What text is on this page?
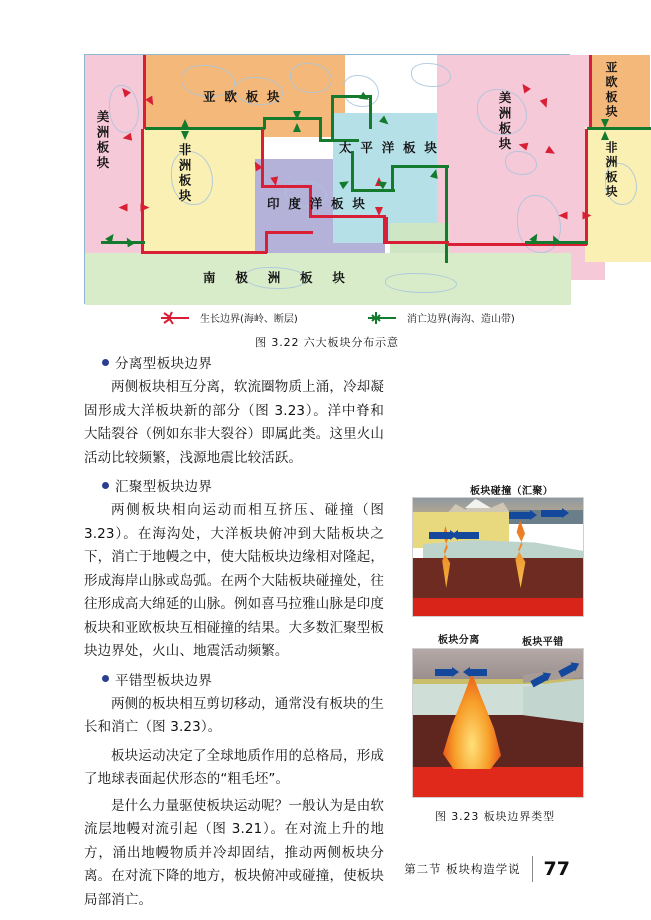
亚 欧 板 块
太 平 洋 板 块
印 度 洋 板 块
南 极 洲 板 块
美洲板块
非洲板块
美洲板块
亚欧板块
非洲板块
生长边界(海岭、断层)	消亡边界(海沟、造山带)
图 3.22 六大板块分布示意
分离型板块边界

两侧板块相互分离，软流圈物质上涌，冷却凝固形成大洋板块新的部分（图 3.23）。洋中脊和大陆裂谷（例如东非大裂谷）即属此类。这里火山活动比较频繁，浅源地震比较活跃。

汇聚型板块边界

两侧板块相向运动而相互挤压、碰撞（图 3.23）。在海沟处，大洋板块俯冲到大陆板块之下，消亡于地幔之中，使大陆板块边缘相对隆起，形成海岸山脉或岛弧。在两个大陆板块碰撞处，往往形成高大绵延的山脉。例如喜马拉雅山脉是印度板块和亚欧板块互相碰撞的结果。大多数汇聚型板块边界处，火山、地震活动频繁。

平错型板块边界

两侧的板块相互剪切移动，通常没有板块的生长和消亡（图 3.23）。

板块运动决定了全球地质作用的总格局，形成了地球表面起伏形态的“粗毛坯”。

是什么力量驱使板块运动呢？一般认为是由软流层地幔对流引起（图 3.21）。在对流上升的地方，涌出地幔物质并冷却固结，推动两侧板块分离。在对流下降的地方，板块俯冲或碰撞，使板块局部消亡。

板块碰撞（汇聚）
板块分离	板块平错
图 3.23 板块边界类型
第二节 板块构造学说 77
